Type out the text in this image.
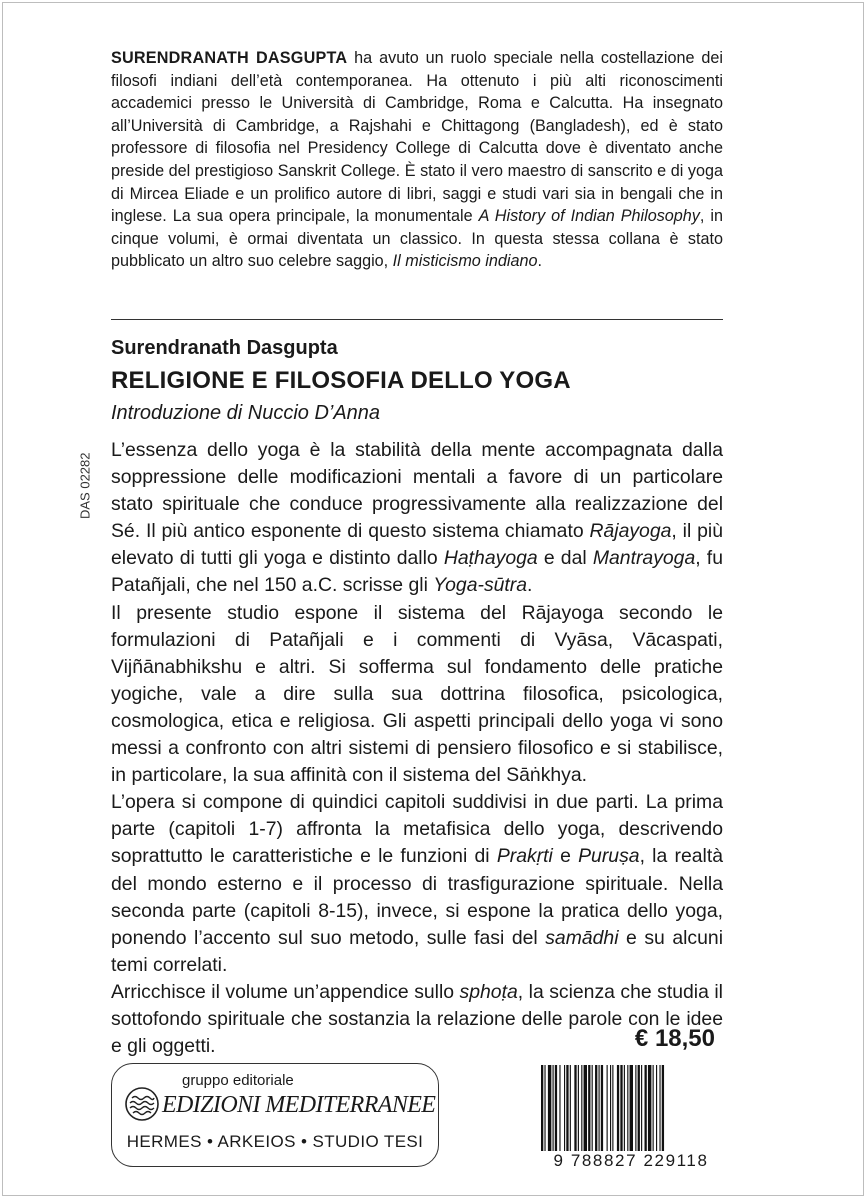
SURENDRANATH DASGUPTA ha avuto un ruolo speciale nella costellazione dei filosofi indiani dell’età contemporanea. Ha ottenuto i più alti riconoscimenti accademici presso le Università di Cambridge, Roma e Calcutta. Ha insegnato all’Università di Cambridge, a Rajshahi e Chittagong (Bangladesh), ed è stato professore di filosofia nel Presidency College di Calcutta dove è diventato anche preside del prestigioso Sanskrit College. È stato il vero maestro di sanscrito e di yoga di Mircea Eliade e un prolifico autore di libri, saggi e studi vari sia in bengali che in inglese. La sua opera principale, la monumentale A History of Indian Philosophy, in cinque volumi, è ormai diventata un classico. In questa stessa collana è stato pubblicato un altro suo celebre saggio, Il misticismo indiano.
Surendranath Dasgupta
RELIGIONE E FILOSOFIA DELLO YOGA
Introduzione di Nuccio D’Anna
DAS 02282

L’essenza dello yoga è la stabilità della mente accompagnata dalla soppressione delle modificazioni mentali a favore di un particolare stato spirituale che conduce progressivamente alla realizzazione del Sé. Il più antico esponente di questo sistema chiamato Rājayoga, il più elevato di tutti gli yoga e distinto dallo Haṭhayoga e dal Mantrayoga, fu Patañjali, che nel 150 a.C. scrisse gli Yoga-sūtra.

Il presente studio espone il sistema del Rājayoga secondo le formulazioni di Patañjali e i commenti di Vyāsa, Vācaspati, Vijñānabhikshu e altri. Si sofferma sul fondamento delle pratiche yogiche, vale a dire sulla sua dottrina filosofica, psicologica, cosmologica, etica e religiosa. Gli aspetti principali dello yoga vi sono messi a confronto con altri sistemi di pensiero filosofico e si stabilisce, in particolare, la sua affinità con il sistema del Sāṅkhya.

L’opera si compone di quindici capitoli suddivisi in due parti. La prima parte (capitoli 1-7) affronta la metafisica dello yoga, descrivendo soprattutto le caratteristiche e le funzioni di Prakṛti e Puruṣa, la realtà del mondo esterno e il processo di trasfigurazione spirituale. Nella seconda parte (capitoli 8-15), invece, si espone la pratica dello yoga, ponendo l’accento sul suo metodo, sulle fasi del samādhi e su alcuni temi correlati.

Arricchisce il volume un’appendice sullo sphoṭa, la scienza che studia il sottofondo spirituale che sostanzia la relazione delle parole con le idee e gli oggetti.	€ 18,50
gruppo editoriale
EDIZIONI MEDITERRANEE
HERMES • ARKEIOS • STUDIO TESI
9 788827 229118
